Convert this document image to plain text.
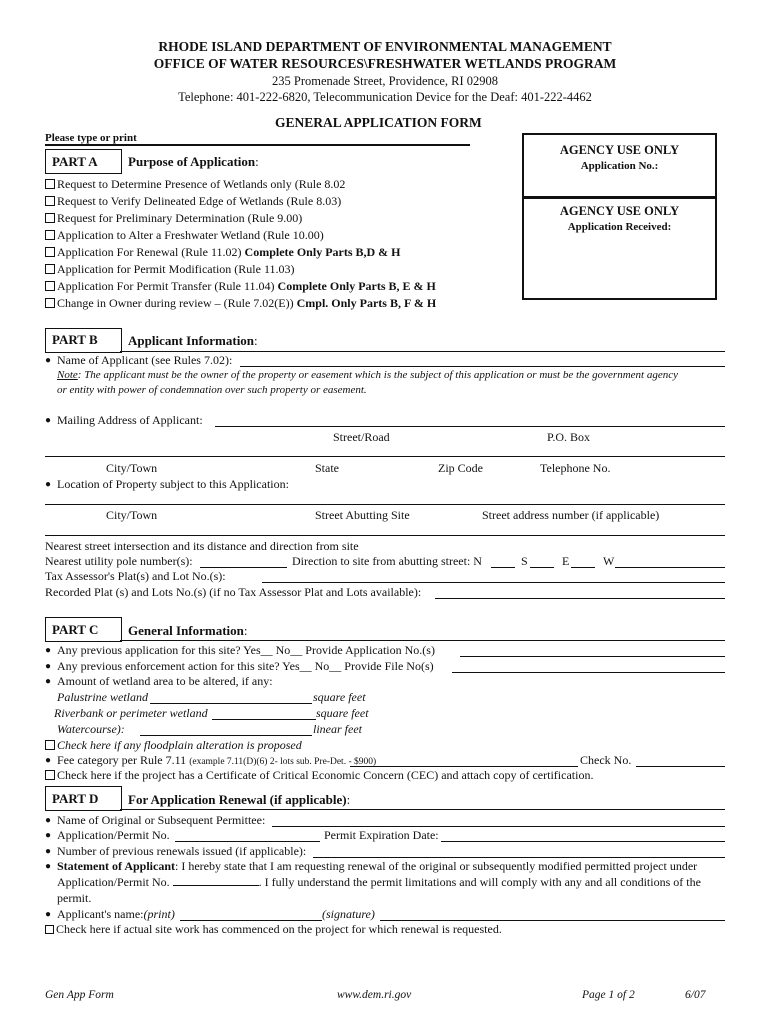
RHODE ISLAND DEPARTMENT OF ENVIRONMENTAL MANAGEMENT
OFFICE OF WATER RESOURCES\FRESHWATER WETLANDS PROGRAM
235 Promenade Street, Providence, RI 02908
Telephone: 401-222-6820, Telecommunication Device for the Deaf: 401-222-4462
GENERAL APPLICATION FORM
Please type or print
AGENCY USE ONLY
Application No.:
AGENCY USE ONLY
Application Received:
PART A Purpose of Application:
Request to Determine Presence of Wetlands only (Rule 8.02
Request to Verify Delineated Edge of Wetlands (Rule 8.03)
Request for Preliminary Determination (Rule 9.00)
Application to Alter a Freshwater Wetland (Rule 10.00)
Application For Renewal (Rule 11.02) Complete Only Parts B,D & H
Application for Permit Modification (Rule 11.03)
Application For Permit Transfer (Rule 11.04) Complete Only Parts B, E & H
Change in Owner during review – (Rule 7.02(E)) Cmpl. Only Parts B, F & H
PART B Applicant Information:
● Name of Applicant (see Rules 7.02):
Note: The applicant must be the owner of the property or easement which is the subject of this application or must be the government agency
or entity with power of condemnation over such property or easement.
● Mailing Address of Applicant:
Street/Road	P.O. Box
City/Town	State	Zip Code	Telephone No.
● Location of Property subject to this Application:
City/Town	Street Abutting Site	Street address number (if applicable)
Nearest street intersection and its distance and direction from site
Nearest utility pole number(s):	Direction to site from abutting street: N	S	E	W
Tax Assessor's Plat(s) and Lot No.(s):
Recorded Plat (s) and Lots No.(s) (if no Tax Assessor Plat and Lots available):
PART C General Information:
● Any previous application for this site? Yes__ No__ Provide Application No.(s)
● Any previous enforcement action for this site? Yes__ No__ Provide File No(s)
● Amount of wetland area to be altered, if any:
Palustrine wetland	square feet
Riverbank or perimeter wetland	square feet
Watercourse):	linear feet
Check here if any floodplain alteration is proposed
● Fee category per Rule 7.11 (example 7.11(D)(6) 2- lots sub. Pre-Det. - $900)	Check No.
Check here if the project has a Certificate of Critical Economic Concern (CEC) and attach copy of certification.
PART D For Application Renewal (if applicable):
● Name of Original or Subsequent Permittee:
● Application/Permit No.	Permit Expiration Date:
● Number of previous renewals issued (if applicable):
● Statement of Applicant: I hereby state that I am requesting renewal of the original or subsequently modified permitted project under
Application/Permit No.	. I fully understand the permit limitations and will comply with any and all conditions of the
permit.
● Applicant's name:(print)	(signature)
Check here if actual site work has commenced on the project for which renewal is requested.
Gen App Form	www.dem.ri.gov	Page 1 of 2	6/07
